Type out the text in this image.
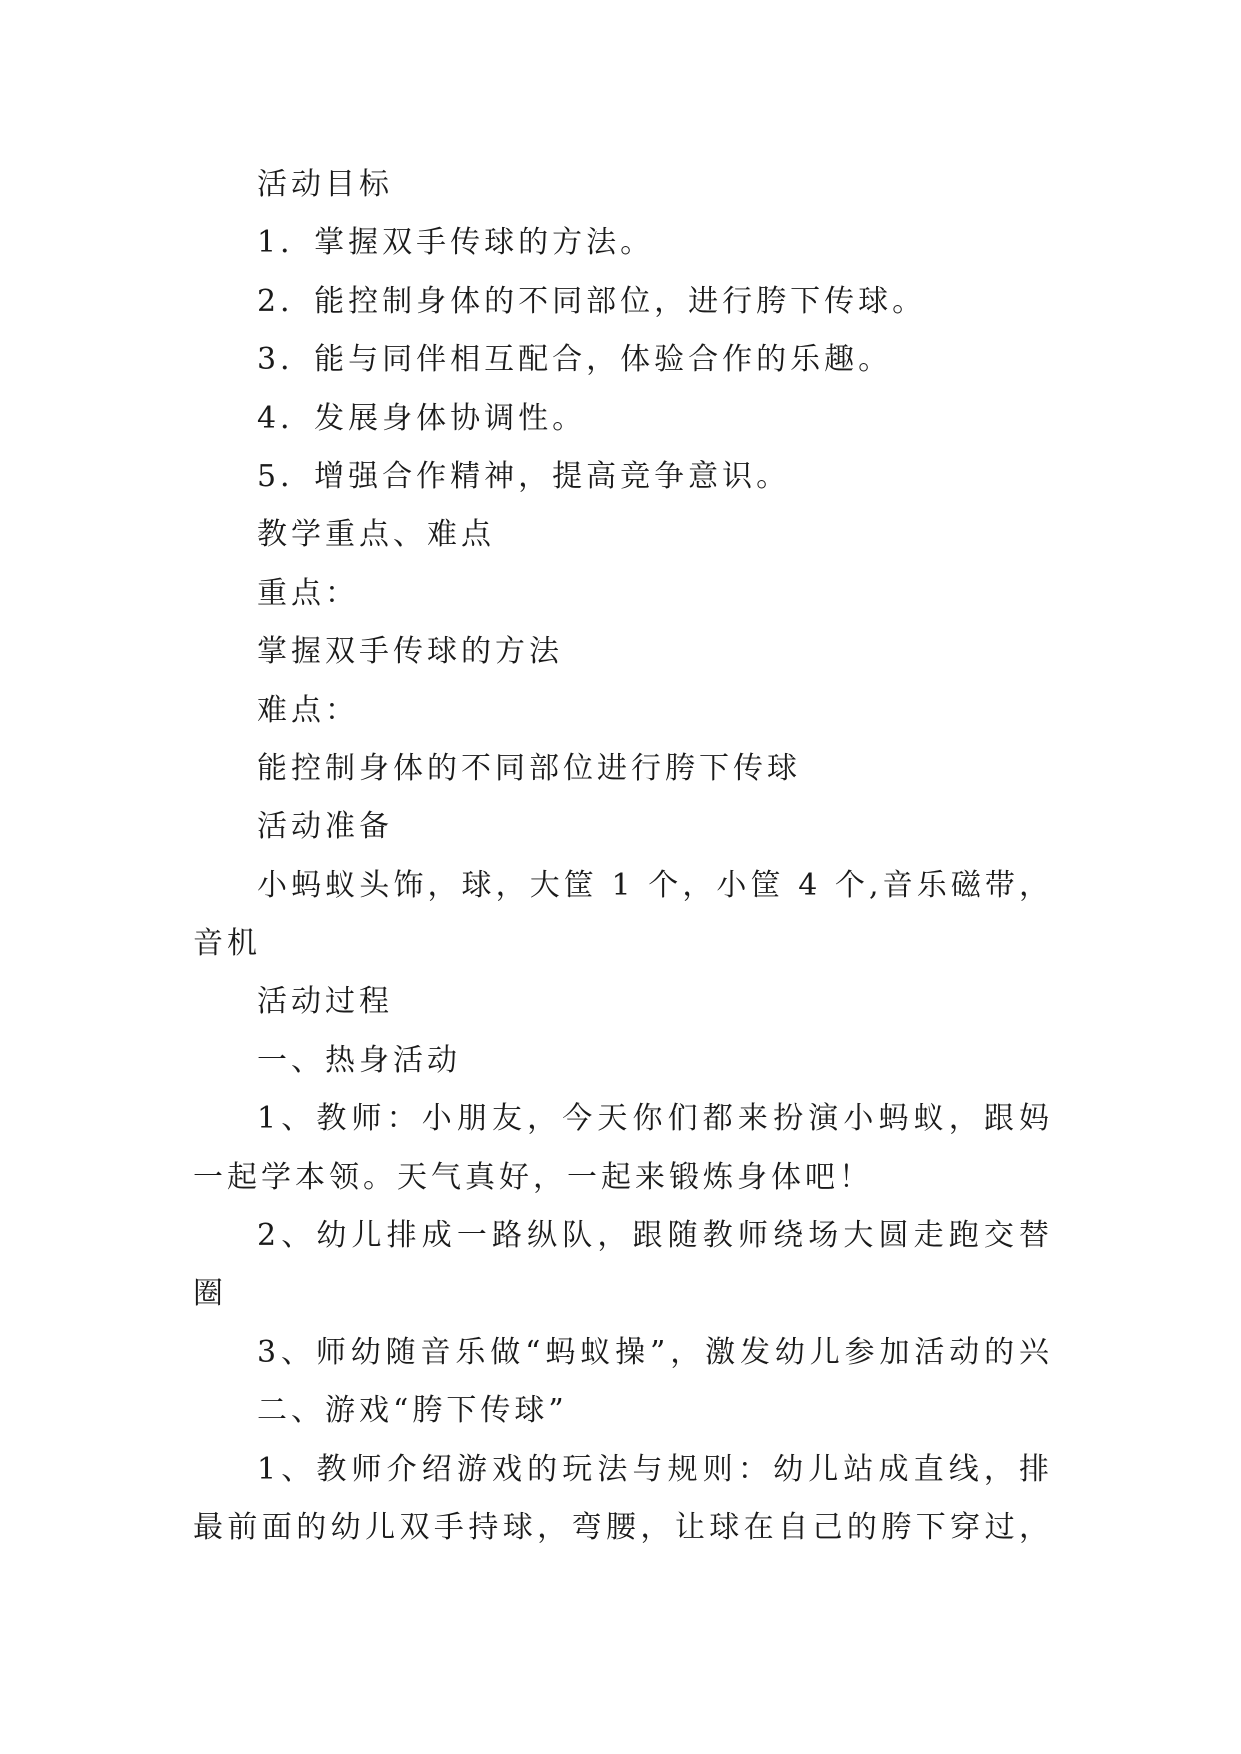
活动目标
1．掌握双手传球的方法。
2．能控制身体的不同部位，进行胯下传球。
3．能与同伴相互配合，体验合作的乐趣。
4．发展身体协调性。
5．增强合作精神，提高竞争意识。
教学重点、难点
重点：
掌握双手传球的方法
难点：
能控制身体的不同部位进行胯下传球
活动准备
小蚂蚁头饰，球，大筐 1 个，小筐 4 个,音乐磁带，
音机
活动过程
一、热身活动
1、教师：小朋友，今天你们都来扮演小蚂蚁，跟妈
一起学本领。天气真好，一起来锻炼身体吧！
2、幼儿排成一路纵队，跟随教师绕场大圆走跑交替
圈
3、师幼随音乐做“蚂蚁操”，激发幼儿参加活动的兴
二、游戏“胯下传球”
1、教师介绍游戏的玩法与规则：幼儿站成直线，排
最前面的幼儿双手持球，弯腰，让球在自己的胯下穿过，
